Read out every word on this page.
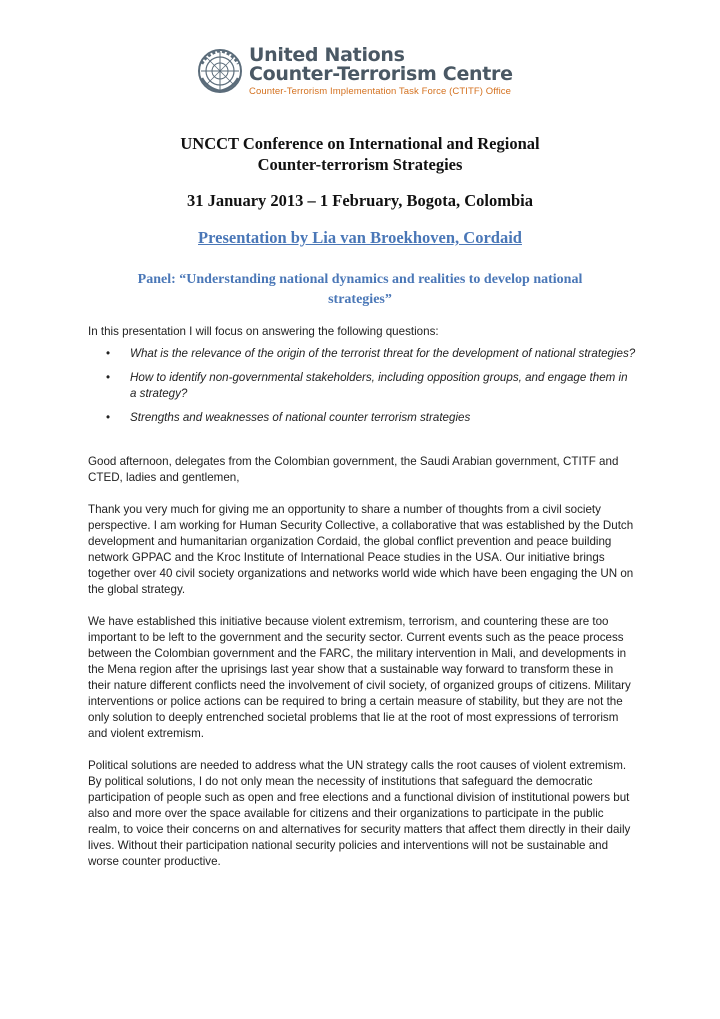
United Nations
Counter-Terrorism Centre
Counter-Terrorism Implementation Task Force (CTITF) Office
UNCCT Conference on International and Regional
Counter-terrorism Strategies
31 January 2013 – 1 February, Bogota, Colombia
Presentation by Lia van Broekhoven, Cordaid
Panel: “Understanding national dynamics and realities to develop national
strategies”

In this presentation I will focus on answering the following questions:

• What is the relevance of the origin of the terrorist threat for the development of national strategies?
• How to identify non-governmental stakeholders, including opposition groups, and engage them in a strategy?
• Strengths and weaknesses of national counter terrorism strategies

Good afternoon, delegates from the Colombian government, the Saudi Arabian government, CTITF and CTED, ladies and gentlemen,

Thank you very much for giving me an opportunity to share a number of thoughts from a civil society perspective. I am working for Human Security Collective, a collaborative that was established by the Dutch development and humanitarian organization Cordaid, the global conflict prevention and peace building network GPPAC and the Kroc Institute of International Peace studies in the USA. Our initiative brings together over 40 civil society organizations and networks world wide which have been engaging the UN on the global strategy.

We have established this initiative because violent extremism, terrorism, and countering these are too important to be left to the government and the security sector. Current events such as the peace process between the Colombian government and the FARC, the military intervention in Mali, and developments in the Mena region after the uprisings last year show that a sustainable way forward to transform these in their nature different conflicts need the involvement of civil society, of organized groups of citizens. Military interventions or police actions can be required to bring a certain measure of stability, but they are not the only solution to deeply entrenched societal problems that lie at the root of most expressions of terrorism and violent extremism.

Political solutions are needed to address what the UN strategy calls the root causes of violent extremism. By political solutions, I do not only mean the necessity of institutions that safeguard the democratic participation of people such as open and free elections and a functional division of institutional powers but also and more over the space available for citizens and their organizations to participate in the public realm, to voice their concerns on and alternatives for security matters that affect them directly in their daily lives. Without their participation national security policies and interventions will not be sustainable and worse counter productive.
